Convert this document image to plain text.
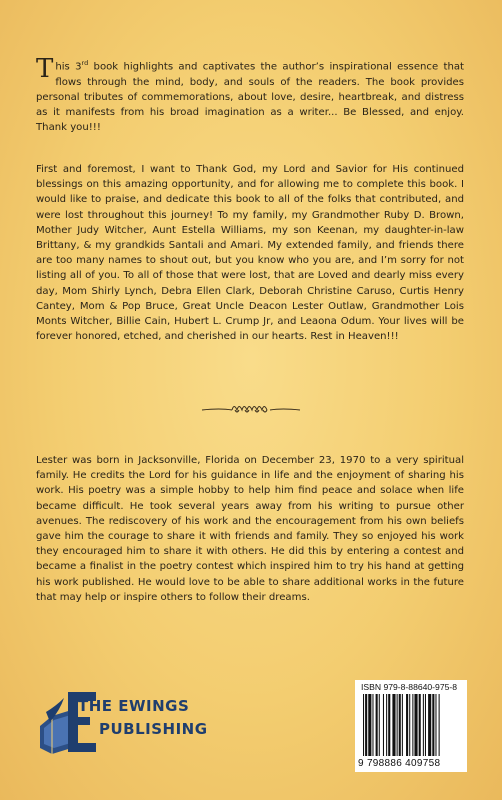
This 3rd book highlights and captivates the author’s inspirational essence that flows through the mind, body, and souls of the readers. The book provides personal tributes of commemorations, about love, desire, heartbreak, and distress as it manifests from his broad imagination as a writer... Be Blessed, and enjoy. Thank you!!!

First and foremost, I want to Thank God, my Lord and Savior for His continued blessings on this amazing opportunity, and for allowing me to complete this book. I would like to praise, and dedicate this book to all of the folks that contributed, and were lost throughout this journey! To my family, my Grandmother Ruby D. Brown, Mother Judy Witcher, Aunt Estella Williams, my son Keenan, my daughter-in-law Brittany, & my grandkids Santali and Amari. My extended family, and friends there are too many names to shout out, but you know who you are, and I’m sorry for not listing all of you. To all of those that were lost, that are Loved and dearly miss every day, Mom Shirly Lynch, Debra Ellen Clark, Deborah Christine Caruso, Curtis Henry Cantey, Mom & Pop Bruce, Great Uncle Deacon Lester Outlaw, Grandmother Lois Monts Witcher, Billie Cain, Hubert L. Crump Jr, and Leaona Odum. Your lives will be forever honored, etched, and cherished in our hearts. Rest in Heaven!!!

Lester was born in Jacksonville, Florida on December 23, 1970 to a very spiritual family. He credits the Lord for his guidance in life and the enjoyment of sharing his work. His poetry was a simple hobby to help him find peace and solace when life became difficult. He took several years away from his writing to pursue other avenues. The rediscovery of his work and the encouragement from his own beliefs gave him the courage to share it with friends and family. They so enjoyed his work they encouraged him to share it with others. He did this by entering a contest and became a finalist in the poetry contest which inspired him to try his hand at getting his work published. He would love to be able to share additional works in the future that may help or inspire others to follow their dreams.

THE EWINGS
PUBLISHING
ISBN 979-8-88640-975-8
9 798886 409758
